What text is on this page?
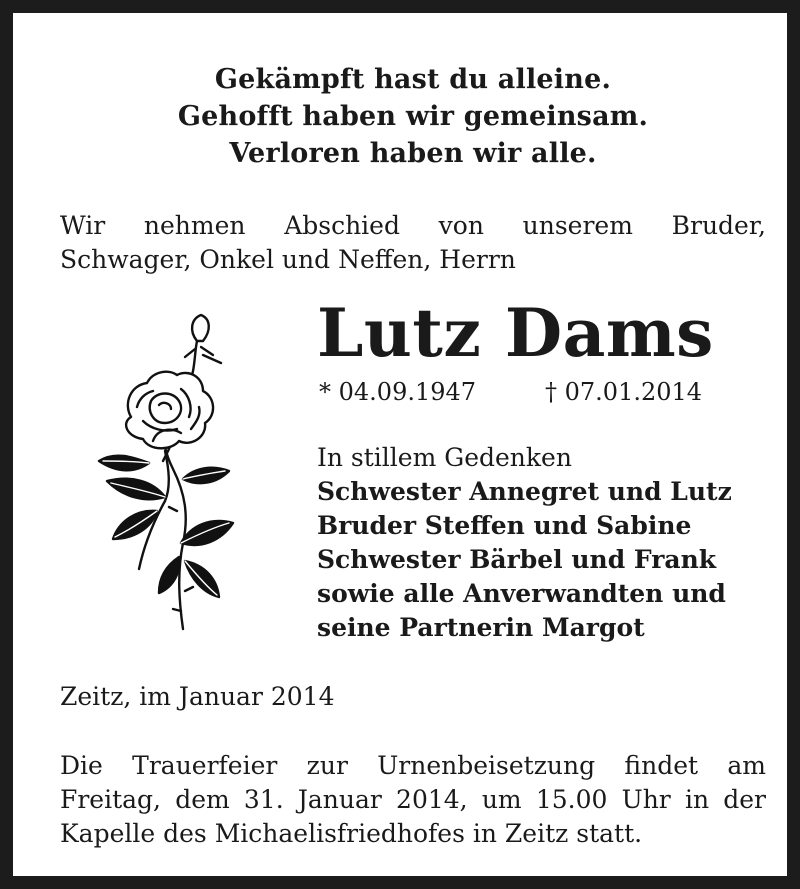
Gekämpft hast du alleine.
Gehofft haben wir gemeinsam.
Verloren haben wir alle.
Wir nehmen Abschied von unserem Bruder,
Schwager, Onkel und Neffen, Herrn
Lutz Dams
* 04.09.1947	† 07.01.2014
In stillem Gedenken
Schwester Annegret und Lutz
Bruder Steffen und Sabine
Schwester Bärbel und Frank
sowie alle Anverwandten und
seine Partnerin Margot
Zeitz, im Januar 2014
Die Trauerfeier zur Urnenbeisetzung findet am
Freitag, dem 31. Januar 2014, um 15.00 Uhr in der
Kapelle des Michaelisfriedhofes in Zeitz statt.
